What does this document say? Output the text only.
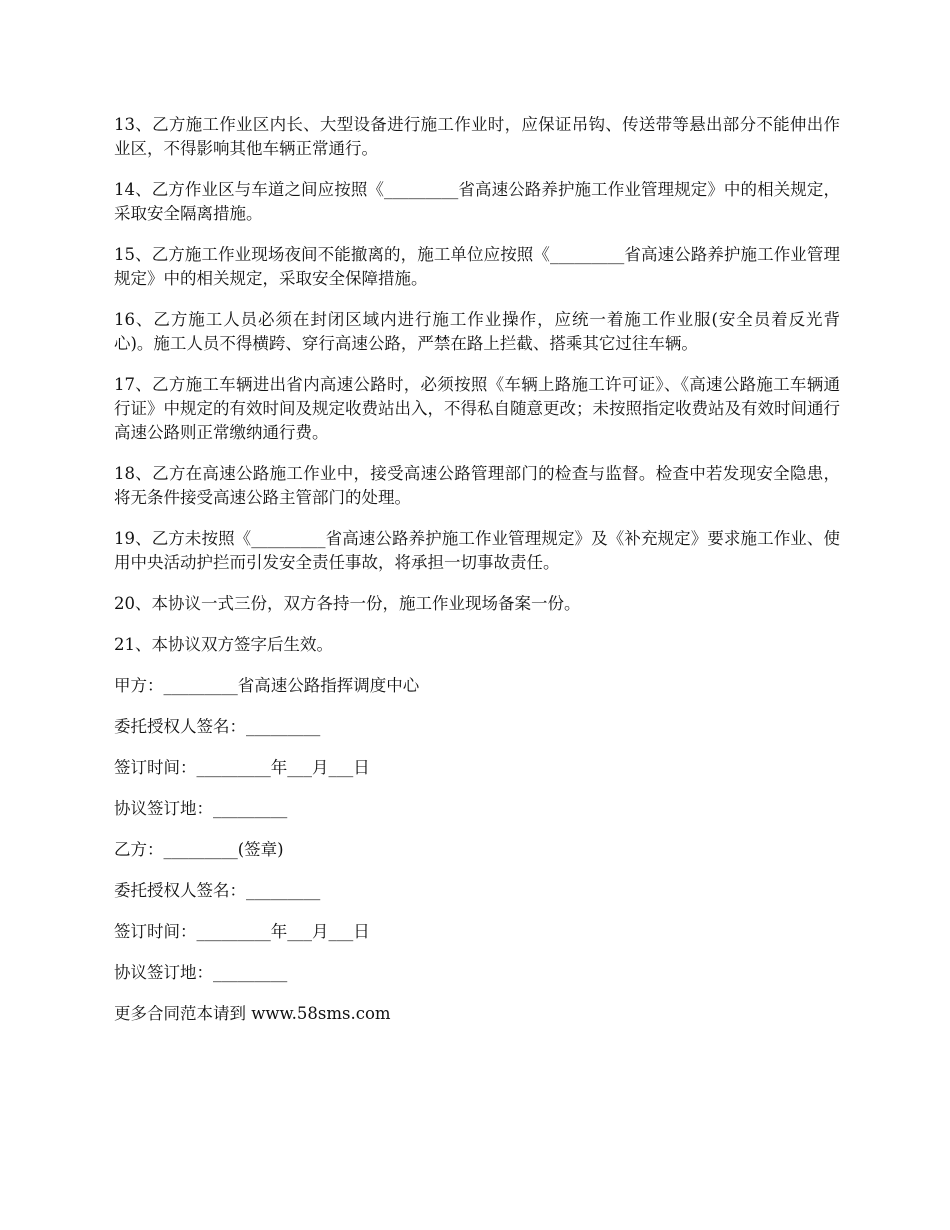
13、乙方施工作业区内长、大型设备进行施工作业时，应保证吊钩、传送带等悬出部分不能伸出作业区，不得影响其他车辆正常通行。

14、乙方作业区与车道之间应按照《_________省高速公路养护施工作业管理规定》中的相关规定，采取安全隔离措施。

15、乙方施工作业现场夜间不能撤离的，施工单位应按照《_________省高速公路养护施工作业管理规定》中的相关规定，采取安全保障措施。

16、乙方施工人员必须在封闭区域内进行施工作业操作，应统一着施工作业服(安全员着反光背心)。施工人员不得横跨、穿行高速公路，严禁在路上拦截、搭乘其它过往车辆。

17、乙方施工车辆进出省内高速公路时，必须按照《车辆上路施工许可证》、《高速公路施工车辆通行证》中规定的有效时间及规定收费站出入，不得私自随意更改；未按照指定收费站及有效时间通行高速公路则正常缴纳通行费。

18、乙方在高速公路施工作业中，接受高速公路管理部门的检查与监督。检查中若发现安全隐患，将无条件接受高速公路主管部门的处理。

19、乙方未按照《_________省高速公路养护施工作业管理规定》及《补充规定》要求施工作业、使用中央活动护拦而引发安全责任事故，将承担一切事故责任。

20、本协议一式三份，双方各持一份，施工作业现场备案一份。

21、本协议双方签字后生效。

甲方：_________省高速公路指挥调度中心

委托授权人签名：_________

签订时间：_________年___月___日

协议签订地：_________

乙方：_________(签章)

委托授权人签名：_________

签订时间：_________年___月___日

协议签订地：_________

更多合同范本请到 www.58sms.com
